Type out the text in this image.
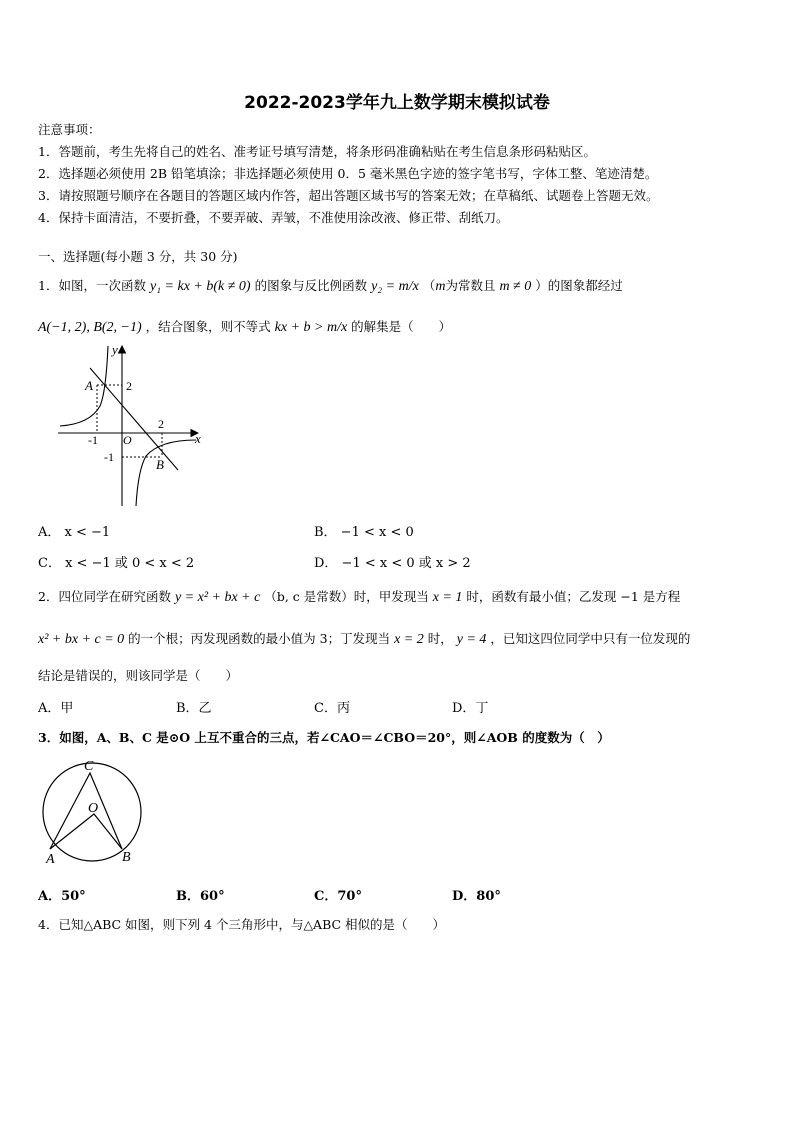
2022-2023学年九上数学期末模拟试卷
注意事项：
1．答题前，考生先将自己的姓名、准考证号填写清楚，将条形码准确粘贴在考生信息条形码粘贴区。
2．选择题必须使用 2B 铅笔填涂；非选择题必须使用 0．5 毫米黑色字迹的签字笔书写，字体工整、笔迹清楚。
3．请按照题号顺序在各题目的答题区域内作答，超出答题区域书写的答案无效；在草稿纸、试题卷上答题无效。
4．保持卡面清洁，不要折叠，不要弄破、弄皱，不准使用涂改液、修正带、刮纸刀。
一、选择题(每小题 3 分，共 30 分)
1．如图，一次函数 y₁ = kx + b(k ≠ 0) 的图象与反比例函数 y₂ = m/x （m为常数且 m ≠ 0 ）的图象都经过
A(−1, 2), B(2, −1) ，结合图象，则不等式 kx + b > m/x 的解集是（　　）
y
x
O
A
B
2
-1
2
-1
A． x < −1	B． −1 < x < 0
C． x < −1 或 0 < x < 2	D． −1 < x < 0 或 x > 2
2．四位同学在研究函数 y = x² + bx + c （b, c 是常数）时，甲发现当 x = 1 时，函数有最小值；乙发现 −1 是方程
x² + bx + c = 0 的一个根；丙发现函数的最小值为 3；丁发现当 x = 2 时， y = 4 ，已知这四位同学中只有一位发现的
结论是错误的，则该同学是（　　）
A．甲	B．乙	C．丙	D．丁
3．如图，A、B、C 是⊙O 上互不重合的三点，若∠CAO＝∠CBO＝20°，则∠AOB 的度数为（　）
C
O
A	B
A．50°	B．60°	C．70°	D．80°
4．已知△ABC 如图，则下列 4 个三角形中，与△ABC 相似的是（　　）
